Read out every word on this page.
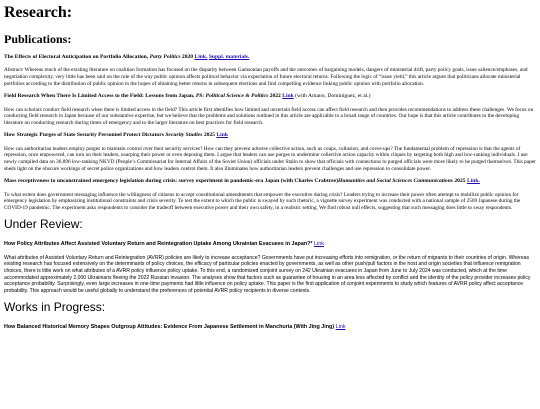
Research:
Publications:
The Effects of Electoral Anticipation on Portfolio Allocation, Party Politics 2020 Link. Suppl. materials.

Abstract: Whereas much of the existing literature on coalition formation has focused on the disparity between Gamsonian payoffs and the outcomes of bargaining models, dangers of ministerial drift, party policy goals, issue salience/emphases, and negotiation complexity, very little has been said on the role of the way public opinion affects political behavior via expectation of future electoral returns. Following the logic of “issue yield,” this article argues that politicians allocate ministerial portfolios according to the distribution of public opinion in the hopes of obtaining better returns in subsequent elections and find compelling evidence linking public opinion with portfolio allocation.

Field Research When There Is Limited Access to the Field: Lessons from Japan, PS: Political Science & Politics 2022 Link (with Amano, Dominiguez, et al.)

How can scholars conduct field research when there is limited access to the field? This article first identifies how limited and uncertain field access can affect field research and then provides recommendations to address these challenges. We focus on conducting field research in Japan because of our substantive expertise, but we believe that the problems and solutions outlined in this article are applicable to a broad range of countries. Our hope is that this article contributes to the developing literature on conducting research during times of emergency and to the larger literature on best practices for field research.

How Strategic Purges of State Security Personnel Protect Dictators Security Studies 2025 Link

How can authoritarian leaders employ purges to maintain control over their security services? How can they prevent adverse collective action, such as coups, collusion, and cover-ups? The fundamental problem of repression is that the agents of repression, once empowered, can turn on their leaders, usurping their power or even deposing them. I argue that leaders can use purges to undermine collective action capacity within cliques by targeting both high and low-ranking individuals. I use newly compiled data on 36,896 low-ranking NKVD (People’s Commissariat for Internal Affairs of the Soviet Union) officials under Stalin to show that officials with connections to purged officials were more likely to be purged themselves. This paper sheds light on the obscure workings of secret police organizations and how leaders control them. It also illuminates how authoritarian leaders prevent challenges and use repression to consolidate power.

Mass receptiveness to unconstrained emergency legislation during crisis: survey experiment in pandemic-era Japan (with Charles Crabtree)Humanities and Social Sciences Communications 2025 Link.

To what extent does government messaging influence the willingness of citizens to accept constitutional amendments that empower the executive during crisis? Leaders trying to increase their power often attempt to mobilize public opinion for emergency legislation by emphasizing institutional constraints and crisis severity. To test the extent to which the public is swayed by such rhetoric, a vignette survey experiment was conducted with a national sample of 2569 Japanese during the COVID-19 pandemic. The experiment asks respondents to consider the tradeoff between executive power and their own safety, in a realistic setting. We find robust null effects, suggesting that such messaging does little to sway respondents.

Under Review:
How Policy Attributes Affect Assisted Voluntary Return and Reintegration Uptake Among Ukrainian Evacuees in Japan?* Link

What attributes of Assisted Voluntary Return and Reintegration (AVRR) policies are likely to increase acceptance? Governments have put increasing efforts into remigration, or the return of migrants to their countries of origin. Whereas existing research has focused extensively on the determinants of policy choices, the efficacy of particular policies enacted by governments, as well as other push/pull factors in the host and origin societies that influence remigration choices, there is little work on what attributes of a AVRR policy influence policy uptake. To this end, a randomized conjoint survey on 242 Ukrainian evacuees in Japan from June to July 2024 was conducted, which at the time accommodated approximately 2,000 Ukrainians fleeing the 2022 Russian invasion. The analyses show that factors such as guarantee of housing in an area less affected by conflict and the identity of the policy provider increases policy acceptance probability. Surprisingly, even large increases in one-time payments had little influence on policy uptake. This paper is the first application of conjoint experiments to study which features of AVRR policy affect acceptance probability. This approach would be useful globally to understand the preferences of potential AVRR policy recipients in diverse contexts.

Works in Progress:
How Balanced Historical Memory Shapes Outgroup Attitudes: Evidence From Japanese Settlement in Manchuria (With Jing Jing) Link
